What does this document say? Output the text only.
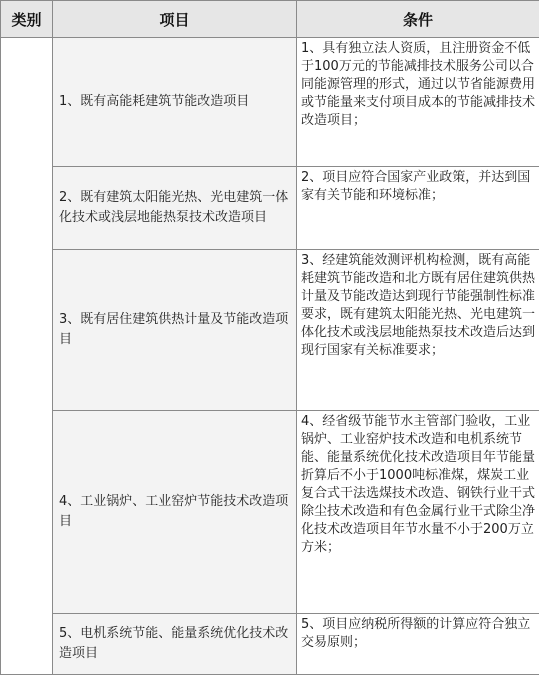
类别	项目	条件
	1、既有高能耗建筑节能改造项目	1、具有独立法人资质，且注册资金不低于100万元的节能减排技术服务公司以合同能源管理的形式，通过以节省能源费用或节能量来支付项目成本的节能减排技术改造项目；
	2、既有建筑太阳能光热、光电建筑一体化技术或浅层地能热泵技术改造项目	2、项目应符合国家产业政策，并达到国家有关节能和环境标准；
	3、既有居住建筑供热计量及节能改造项目	3、经建筑能效测评机构检测，既有高能耗建筑节能改造和北方既有居住建筑供热计量及节能改造达到现行节能强制性标准要求，既有建筑太阳能光热、光电建筑一体化技术或浅层地能热泵技术改造后达到现行国家有关标准要求；
	4、工业锅炉、工业窑炉节能技术改造项目	4、经省级节能节水主管部门验收，工业锅炉、工业窑炉技术改造和电机系统节能、能量系统优化技术改造项目年节能量折算后不小于1000吨标准煤，煤炭工业复合式干法选煤技术改造、钢铁行业干式除尘技术改造和有色金属行业干式除尘净化技术改造项目年节水量不小于200万立方米；
	5、电机系统节能、能量系统优化技术改造项目	5、项目应纳税所得额的计算应符合独立交易原则；
